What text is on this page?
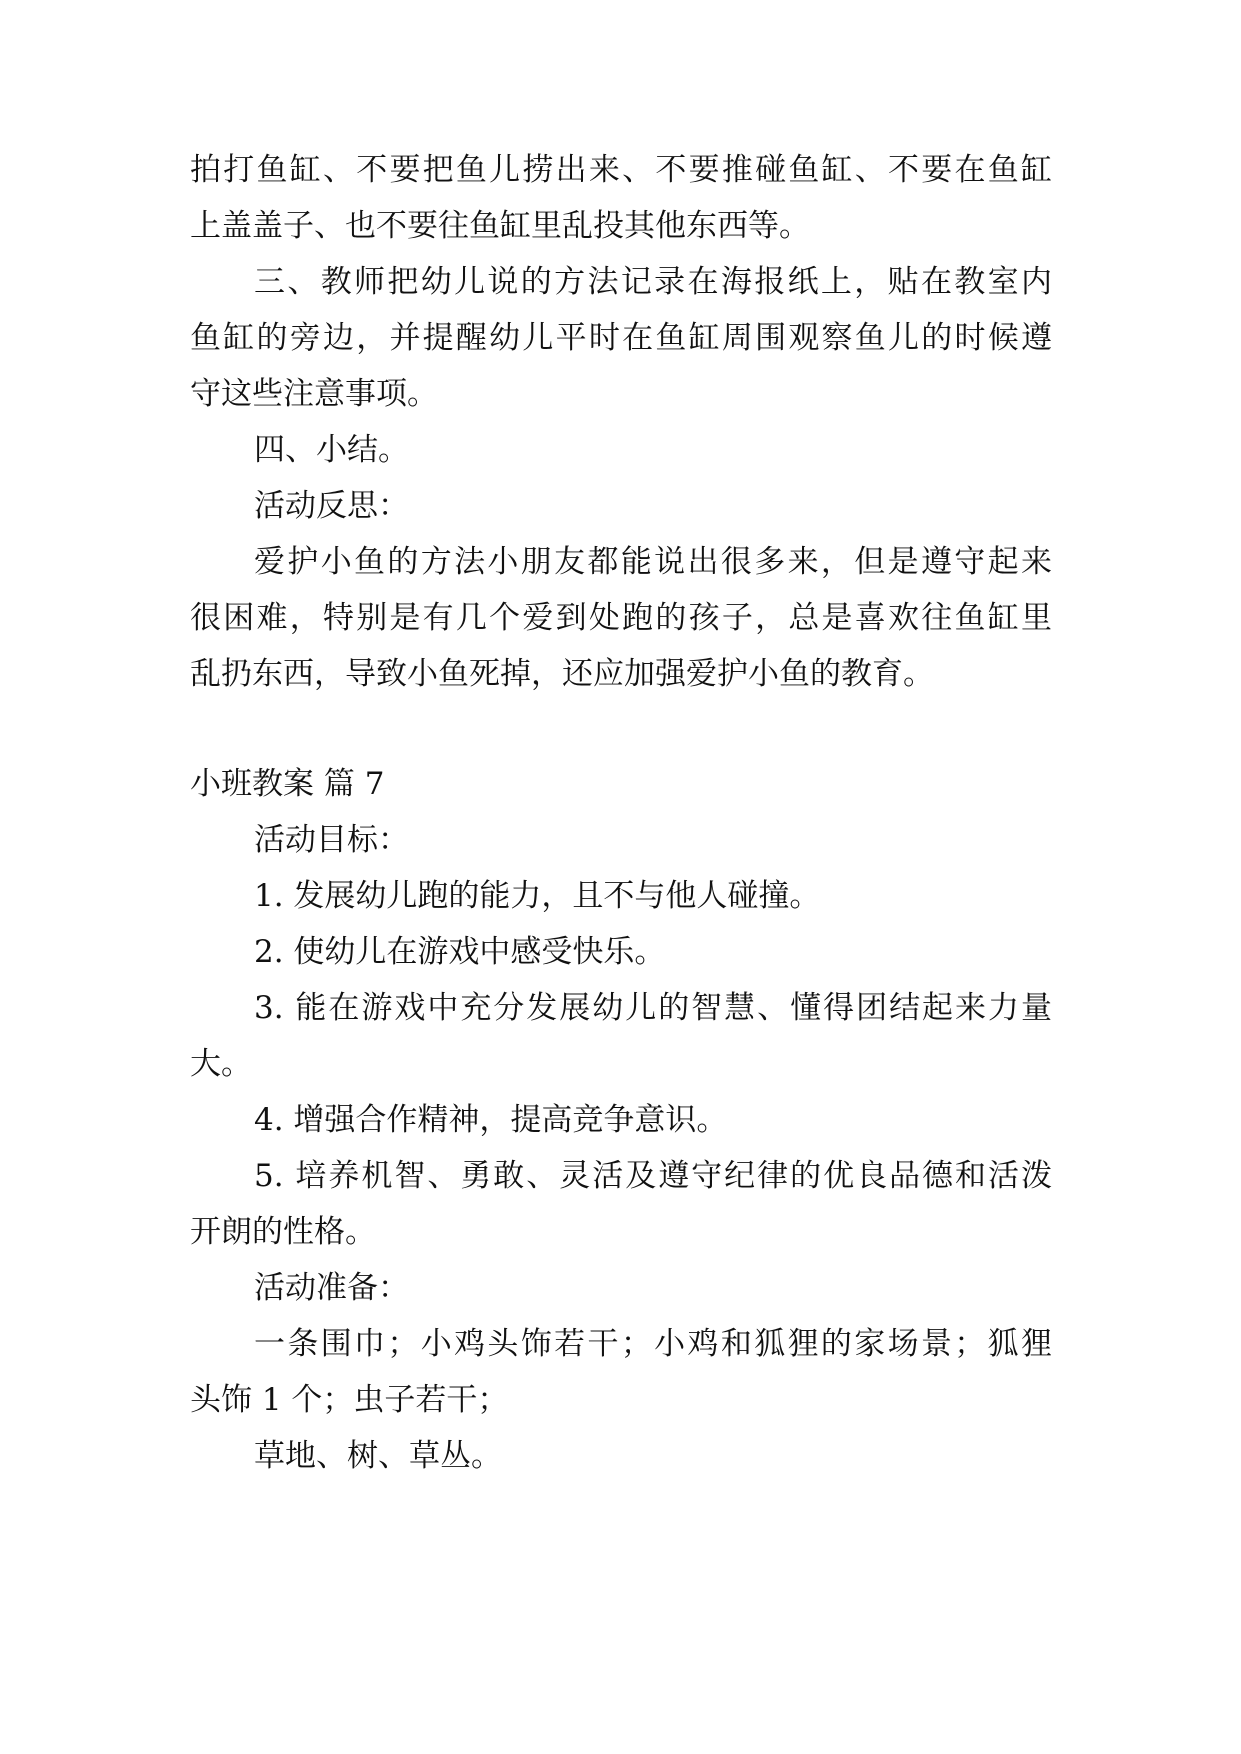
拍打鱼缸、不要把鱼儿捞出来、不要推碰鱼缸、不要在鱼缸
上盖盖子、也不要往鱼缸里乱投其他东西等。
三、教师把幼儿说的方法记录在海报纸上，贴在教室内
鱼缸的旁边，并提醒幼儿平时在鱼缸周围观察鱼儿的时候遵
守这些注意事项。
四、小结。
活动反思：
爱护小鱼的方法小朋友都能说出很多来，但是遵守起来
很困难，特别是有几个爱到处跑的孩子，总是喜欢往鱼缸里
乱扔东西，导致小鱼死掉，还应加强爱护小鱼的教育。
小班教案 篇 7
活动目标：
1. 发展幼儿跑的能力，且不与他人碰撞。
2. 使幼儿在游戏中感受快乐。
3. 能在游戏中充分发展幼儿的智慧、懂得团结起来力量
大。
4. 增强合作精神，提高竞争意识。
5. 培养机智、勇敢、灵活及遵守纪律的优良品德和活泼
开朗的性格。
活动准备：
一条围巾；小鸡头饰若干；小鸡和狐狸的家场景；狐狸
头饰 1 个；虫子若干；
草地、树、草丛。
